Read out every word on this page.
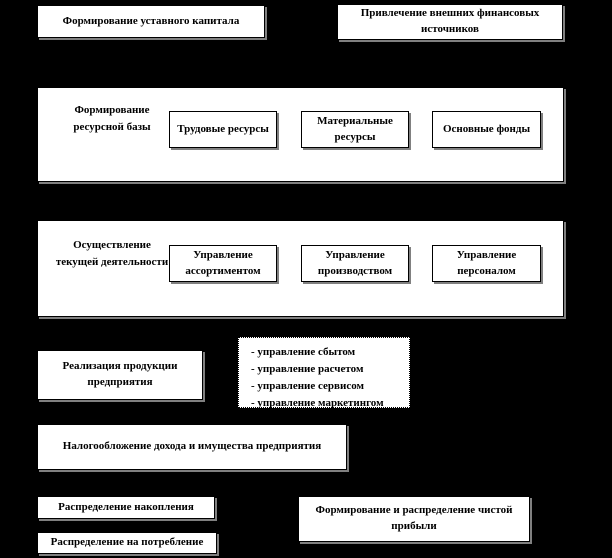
Формирование уставного капитала
Привлечение внешних финансовых источников
Формирование ресурсной базы	Трудовые ресурсы
Материальные ресурсы
Основные фонды
Осуществление текущей деятельности
Управление ассортиментом
Управление производством
Управление персоналом
Реализация продукции предприятия
- управление сбытом
- управление расчетом
- управление сервисом
- управление маркетингом
Налогообложение дохода и имущества предприятия
Распределение накопления	Формирование и распределение чистой прибыли
Распределение на потребление
